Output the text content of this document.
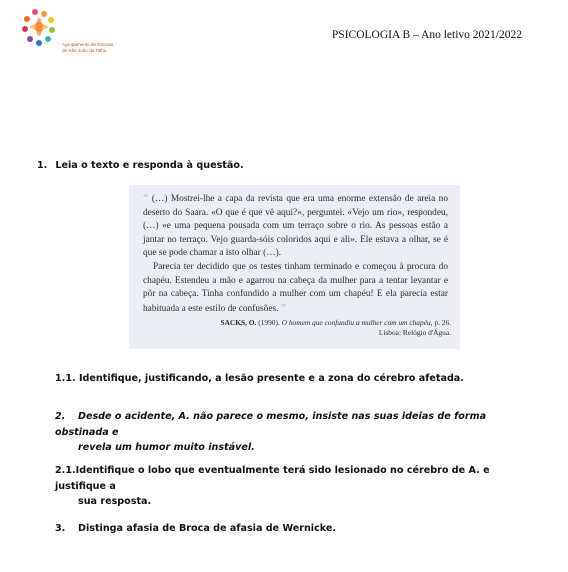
Agrupamento de Escolas
de São João da Talha
PSICOLOGIA B – Ano letivo 2021/2022
1. Leia o texto e responda à questão.

“ (…) Mostrei-lhe a capa da revista que era uma enorme extensão de areia no deserto do Saara. «O que é que vê aqui?», perguntei. «Vejo um rio», respondeu, (…) «e uma pequena pousada com um terraço sobre o rio. As pessoas estão a jantar no terraço. Vejo guarda-sóis coloridos aqui e ali». Ele estava a olhar, se é que se pode chamar a isto olhar (…).

Parecia ter decidido que os testes tinham terminado e começou à procura do chapéu. Estendeu a mão e agarrou na cabeça da mulher para a tentar levantar e pôr na cabeça. Tinha confundido a mulher com um chapéu! E ela parecia estar habituada a este estilo de confusões. ”

SACKS, O. (1990). O homem que confundiu a mulher com um chapéu, p. 26.
Lisboa: Relógio d'Água.
1.1. Identifique, justificando, a lesão presente e a zona do cérebro afetada.
2. Desde o acidente, A. não parece o mesmo, insiste nas suas ideias de forma obstinada e
revela um humor muito instável.
2.1.Identifique o lobo que eventualmente terá sido lesionado no cérebro de A. e justifique a
sua resposta.
3. Distinga afasia de Broca de afasia de Wernicke.
